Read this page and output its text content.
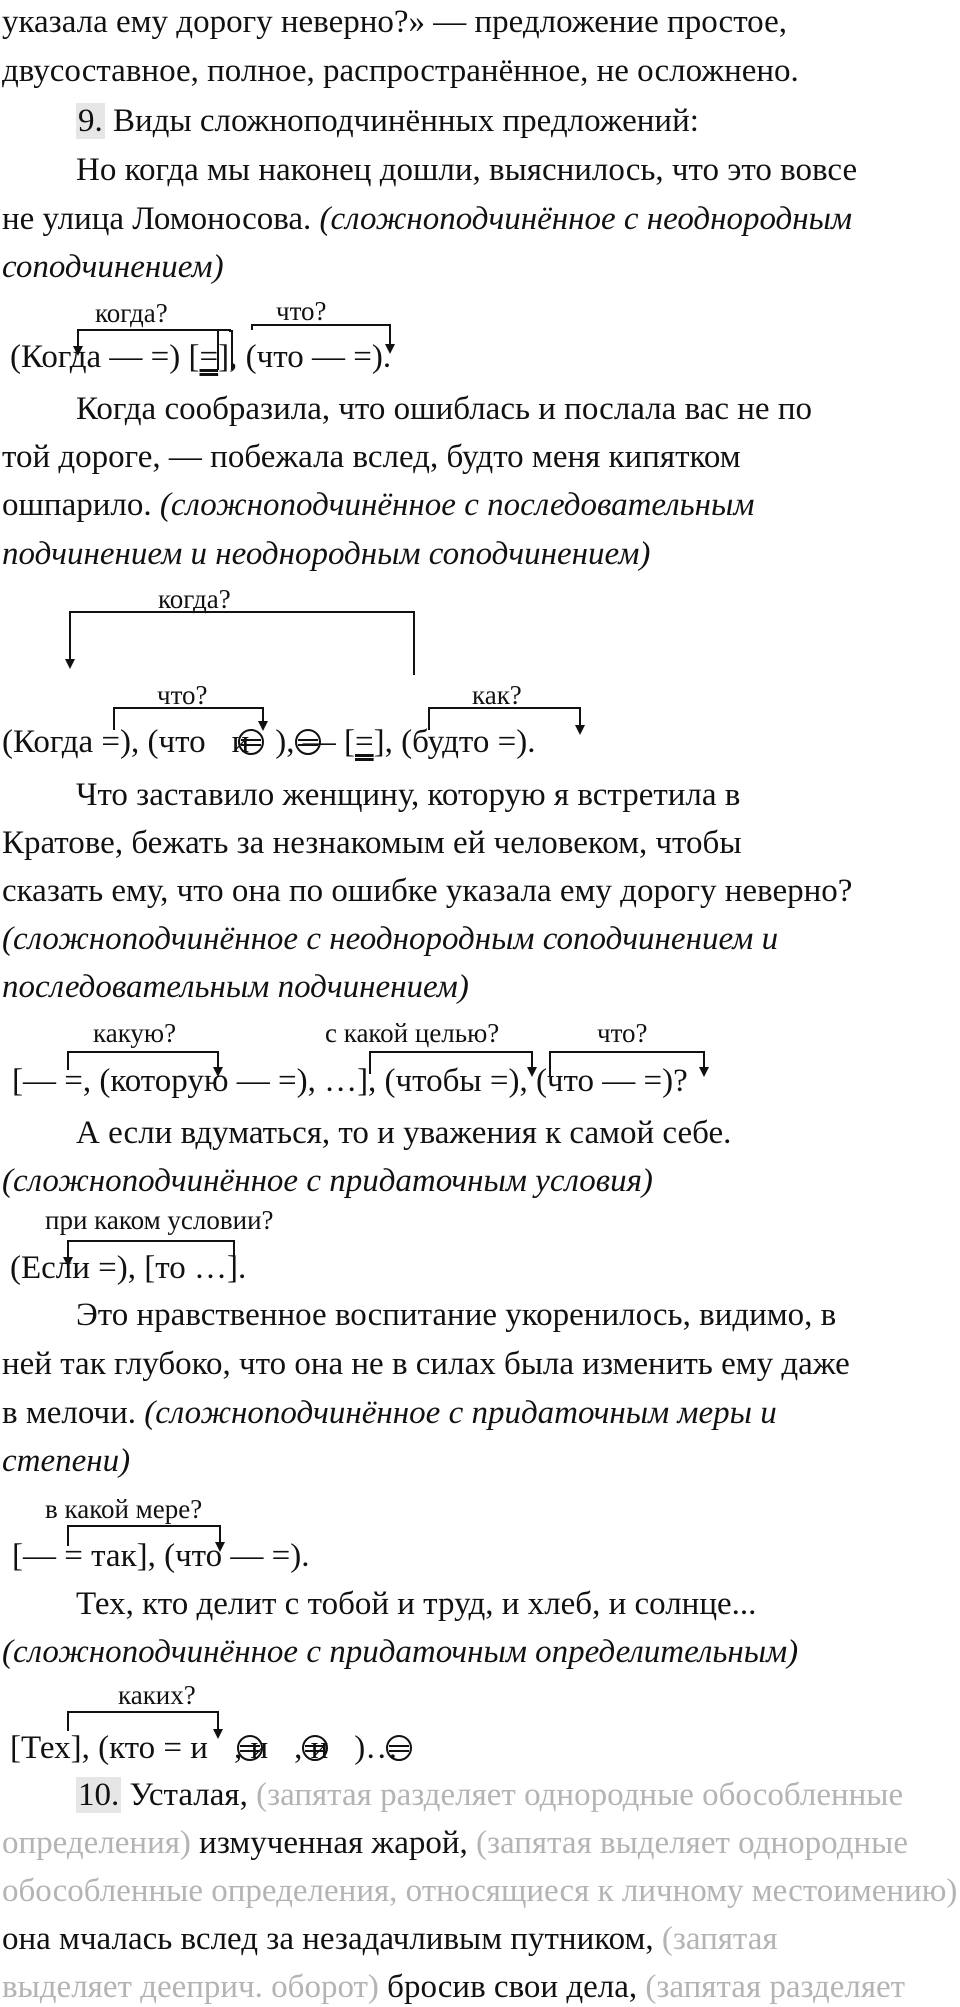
указала ему дорогу неверно?» — предложение простое,
двусоставное, полное, распространённое, не осложнено.
9. Виды сложноподчинённых предложений:
Но когда мы наконец дошли, выяснилось, что это вовсе
не улица Ломоносова. (сложноподчинённое с неоднородным
соподчинением)
когда?	что?
(Когда — =) [=], (что — =).
Когда сообразила, что ошиблась и послала вас не по
той дороге, — побежала вслед, будто меня кипятком
ошпарило. (сложноподчинённое с последовательным
подчинением и неоднородным соподчинением)
когда?
что?	как?
(Когда =), (что и ), — [=], (будто =).
Что заставило женщину, которую я встретила в
Кратове, бежать за незнакомым ей человеком, чтобы
сказать ему, что она по ошибке указала ему дорогу неверно?
(сложноподчинённое с неоднородным соподчинением и
последовательным подчинением)
какую?	с какой целью?	что?
[— =, (которую — =), …], (чтобы =), (что — =)?
А если вдуматься, то и уважения к самой себе.
(сложноподчинённое с придаточным условия)
при каком условии?
(Если =), [то …].
Это нравственное воспитание укоренилось, видимо, в
ней так глубоко, что она не в силах была изменить ему даже
в мелочи. (сложноподчинённое с придаточным меры и
степени)
в какой мере?
[— = так], (что — =).
Тех, кто делит с тобой и труд, и хлеб, и солнце...
(сложноподчинённое с придаточным определительным)
каких?
[Тех], (кто = и , и , и )…
10. Усталая, (запятая разделяет однородные обособленные
определения) измученная жарой, (запятая выделяет однородные
обособленные определения, относящиеся к личному местоимению)
она мчалась вслед за незадачливым путником, (запятая
выделяет дееприч. оборот) бросив свои дела, (запятая разделяет
